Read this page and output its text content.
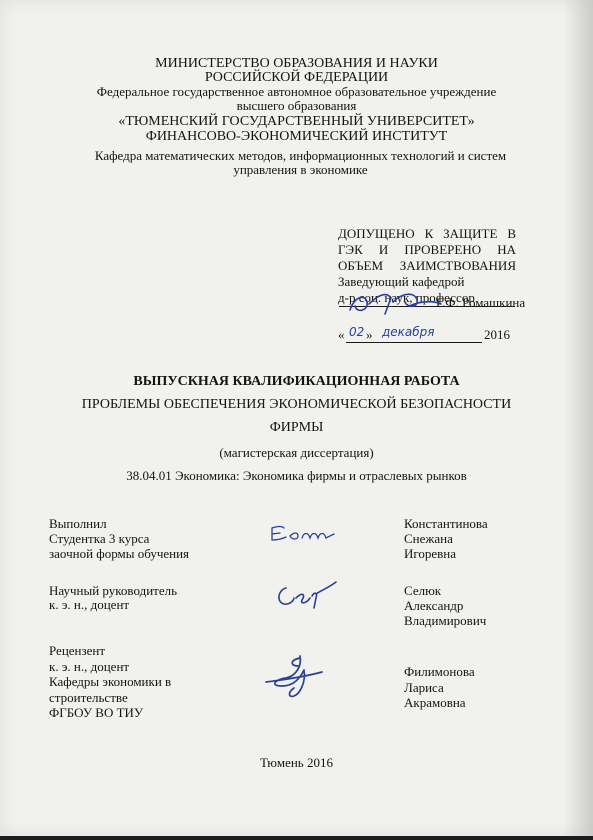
МИНИСТЕРСТВО ОБРАЗОВАНИЯ И НАУКИ
РОССИЙСКОЙ ФЕДЕРАЦИИ
Федеральное государственное автономное образовательное учреждение
высшего образования
«ТЮМЕНСКИЙ ГОСУДАРСТВЕННЫЙ УНИВЕРСИТЕТ»
ФИНАНСОВО-ЭКОНОМИЧЕСКИЙ ИНСТИТУТ
Кафедра математических методов, информационных технологий и систем
управления в экономике
ДОПУЩЕНО К ЗАЩИТЕ В
ГЭК И ПРОВЕРЕНО НА
ОБЪЕМ ЗАИМСТВОВАНИЯ
Заведующий кафедрой
д-р соц. наук, профессор
Г.Ф. Ромашкина
« 02 » декабря	2016
ВЫПУСКНАЯ КВАЛИФИКАЦИОННАЯ РАБОТА
ПРОБЛЕМЫ ОБЕСПЕЧЕНИЯ ЭКОНОМИЧЕСКОЙ БЕЗОПАСНОСТИ
ФИРМЫ
(магистерская диссертация)
38.04.01 Экономика: Экономика фирмы и отраслевых рынков
Выполнил
Студентка 3 курса
заочной формы обучения
Константинова
Снежана
Игоревна
Научный руководитель
к. э. н., доцент
Селюк
Александр
Владимирович
Рецензент
к. э. н., доцент
Кафедры экономики в
строительстве
ФГБОУ ВО ТИУ
Филимонова
Лариса
Акрамовна
Тюмень 2016
